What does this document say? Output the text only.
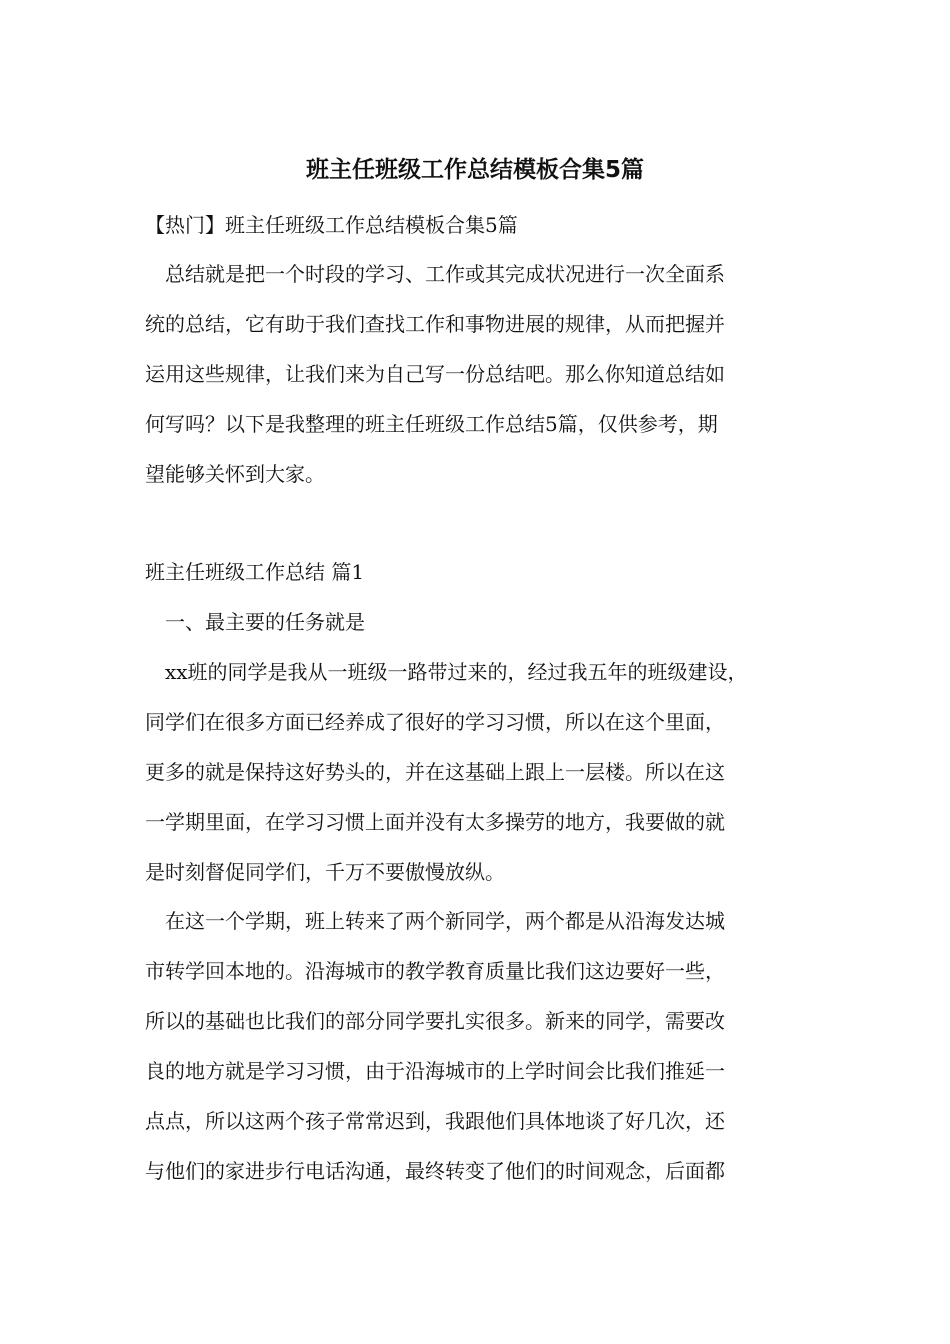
班主任班级工作总结模板合集5篇

【热门】班主任班级工作总结模板合集5篇

　总结就是把一个时段的学习、工作或其完成状况进行一次全面系

统的总结，它有助于我们查找工作和事物进展的规律，从而把握并

运用这些规律，让我们来为自己写一份总结吧。那么你知道总结如

何写吗？以下是我整理的班主任班级工作总结5篇，仅供参考，期

望能够关怀到大家。

班主任班级工作总结 篇1

　一、最主要的任务就是

　xx班的同学是我从一班级一路带过来的，经过我五年的班级建设，

同学们在很多方面已经养成了很好的学习习惯，所以在这个里面，

更多的就是保持这好势头的，并在这基础上跟上一层楼。所以在这

一学期里面，在学习习惯上面并没有太多操劳的地方，我要做的就

是时刻督促同学们，千万不要傲慢放纵。

　在这一个学期，班上转来了两个新同学，两个都是从沿海发达城

市转学回本地的。沿海城市的教学教育质量比我们这边要好一些，

所以的基础也比我们的部分同学要扎实很多。新来的同学，需要改

良的地方就是学习习惯，由于沿海城市的上学时间会比我们推延一

点点，所以这两个孩子常常迟到，我跟他们具体地谈了好几次，还

与他们的家进步行电话沟通，最终转变了他们的时间观念，后面都
